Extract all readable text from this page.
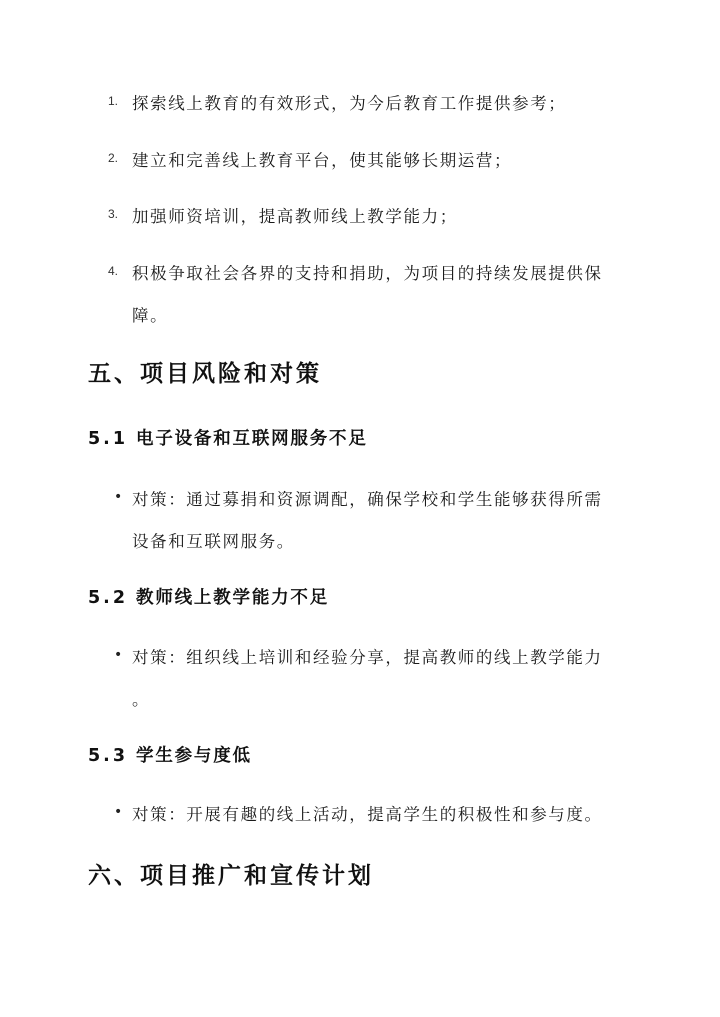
1. 探索线上教育的有效形式，为今后教育工作提供参考；
2. 建立和完善线上教育平台，使其能够长期运营；
3. 加强师资培训，提高教师线上教学能力；
4. 积极争取社会各界的支持和捐助，为项目的持续发展提供保
障。
五、项目风险和对策
5.1 电子设备和互联网服务不足
• 对策：通过募捐和资源调配，确保学校和学生能够获得所需
设备和互联网服务。
5.2 教师线上教学能力不足
• 对策：组织线上培训和经验分享，提高教师的线上教学能力
。
5.3 学生参与度低
• 对策：开展有趣的线上活动，提高学生的积极性和参与度。
六、项目推广和宣传计划
